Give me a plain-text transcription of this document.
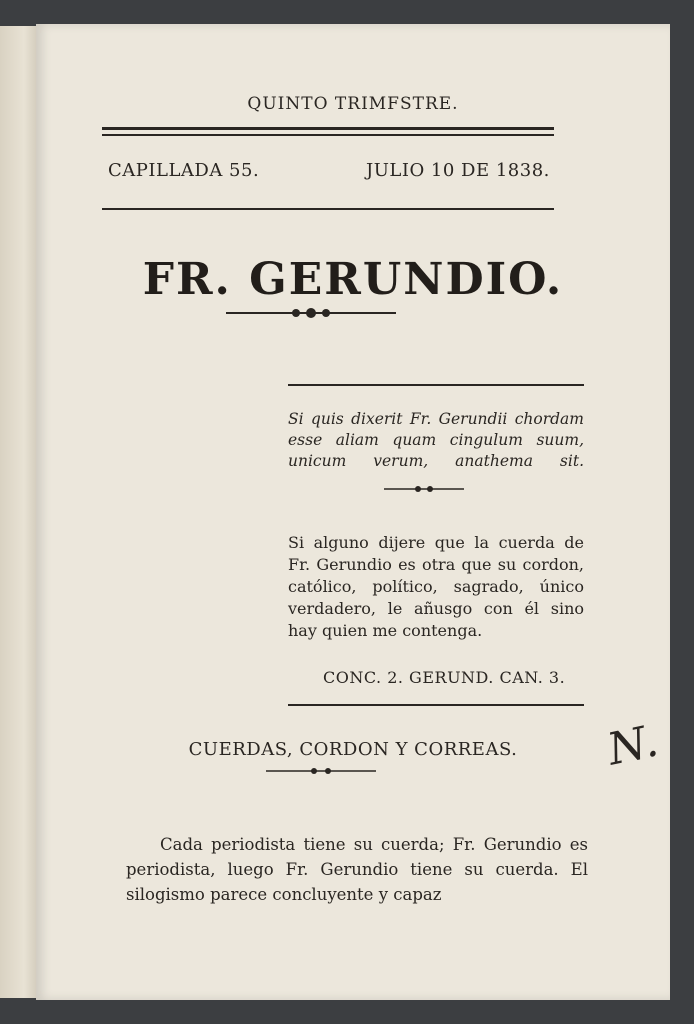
QUINTO TRIMFSTRE.
CAPILLADA 55.	JULIO 10 DE 1838.
FR. GERUNDIO.
Si quis dixerit Fr. Gerundii chordam esse aliam quam cingulum suum, unicum verum, anathema sit.
Si alguno dijere que la cuerda de Fr. Gerundio es otra que su cordon, católico, político, sagrado, único verdadero, le añusgo con él sino hay quien me contenga.
CONC. 2. GERUND. CAN. 3.
CUERDAS, CORDON Y CORREAS.
Cada periodista tiene su cuerda; Fr. Gerundio es periodista, luego Fr. Gerundio tiene su cuerda. El silogismo parece concluyente y capaz
N.
